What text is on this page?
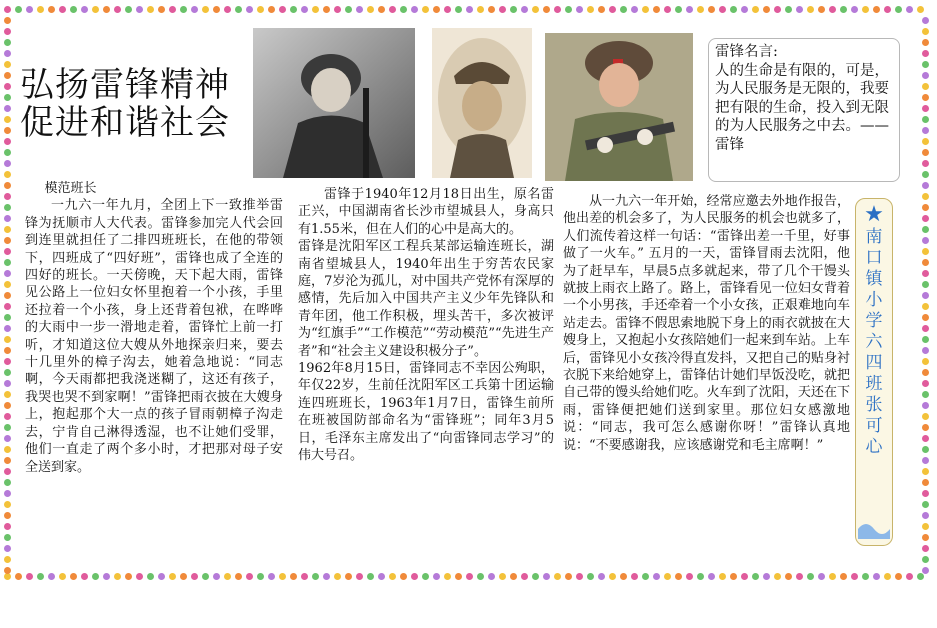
弘扬雷锋精神
促进和谐社会
雷锋名言:
人的生命是有限的，可是，为人民服务是无限的，我要把有限的生命，投入到无限的为人民服务之中去。——雷锋

模范班长

一九六一年九月，全团上下一致推举雷锋为抚顺市人大代表。雷锋参加完人代会回到连里就担任了二排四班班长，在他的带领下，四班成了“四好班”，雷锋也成了全连的四好的班长。一天傍晚，天下起大雨，雷锋见公路上一位妇女怀里抱着一个小孩，手里还拉着一个小孩，身上还背着包袱，在哗哗的大雨中一步一滑地走着，雷锋忙上前一打听，才知道这位大嫂从外地探亲归来，要去十几里外的樟子沟去，她着急地说：“同志啊，今天雨都把我浇迷糊了，这还有孩子，我哭也哭不到家啊！”雷锋把雨衣披在大嫂身上，抱起那个大一点的孩子冒雨朝樟子沟走去，宁肯自己淋得透湿，也不让她们受罪，他们一直走了两个多小时，才把那对母子安全送到家。

雷锋于1940年12月18日出生，原名雷正兴，中国湖南省长沙市望城县人，身高只有1.55米，但在人们的心中是高大的。

雷锋是沈阳军区工程兵某部运输连班长，湖南省望城县人，1940年出生于穷苦农民家庭，7岁沦为孤儿，对中国共产党怀有深厚的感情，先后加入中国共产主义少年先锋队和青年团，他工作积极，埋头苦干，多次被评为“红旗手”“工作模范”“劳动模范”“先进生产者”和“社会主义建设积极分子”。

1962年8月15日，雷锋同志不幸因公殉职，年仅22岁，生前任沈阳军区工兵第十团运输连四班班长，1963年1月7日，雷锋生前所在班被国防部命名为“雷锋班”；同年3月5日，毛泽东主席发出了“向雷锋同志学习”的伟大号召。

从一九六一年开始，经常应邀去外地作报告，他出差的机会多了，为人民服务的机会也就多了，人们流传着这样一句话：“雷锋出差一千里，好事做了一火车。” 五月的一天，雷锋冒雨去沈阳，他为了赶早车，早晨5点多就起来，带了几个干馒头就披上雨衣上路了。路上，雷锋看见一位妇女背着一个小男孩，手还牵着一个小女孩，正艰难地向车站走去。雷锋不假思索地脱下身上的雨衣就披在大嫂身上，又抱起小女孩陪她们一起来到车站。上车后，雷锋见小女孩冷得直发抖，又把自己的贴身衬衣脱下来给她穿上，雷锋估计她们早饭没吃，就把自己带的馒头给她们吃。火车到了沈阳，天还在下雨，雷锋便把她们送到家里。那位妇女感激地说：“同志，我可怎么感谢你呀！”雷锋认真地说：“不要感谢我，应该感谢党和毛主席啊！”

★
南口镇小学 六四班 张可心
